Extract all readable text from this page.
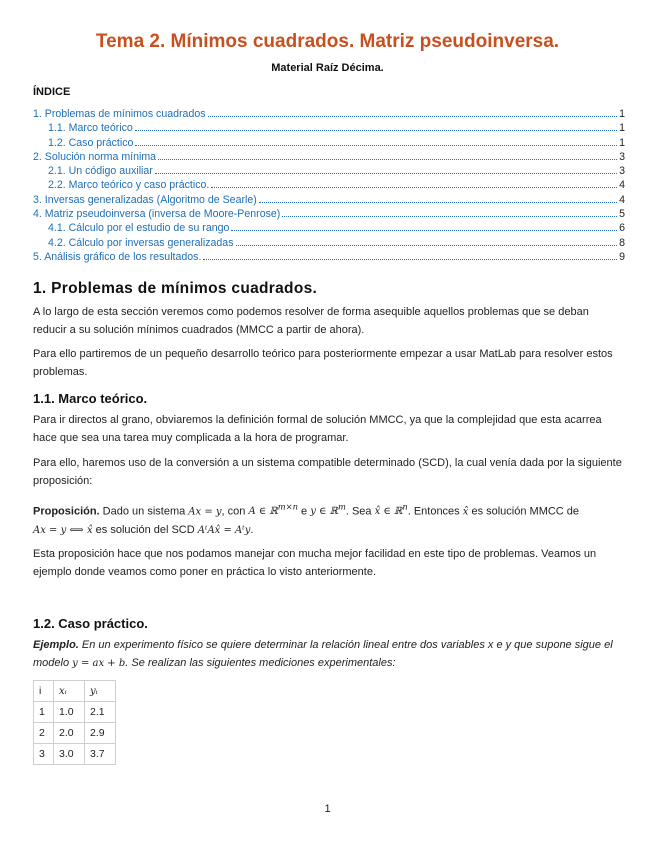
Tema 2. Mínimos cuadrados. Matriz pseudoinversa.
Material Raíz Décima.
ÍNDICE
1. Problemas de mínimos cuadrados	1
1.1. Marco teórico	1
1.2. Caso práctico	1
2. Solución norma mínima	3
2.1. Un código auxiliar	3
2.2. Marco teórico y caso práctico.	4
3. Inversas generalizadas (Algoritmo de Searle)	4
4. Matriz pseudoinversa (inversa de Moore-Penrose)	5
4.1. Cálculo por el estudio de su rango	6
4.2. Cálculo por inversas generalizadas	8
5. Análisis gráfico de los resultados.	9
1. Problemas de mínimos cuadrados.
A lo largo de esta sección veremos como podemos resolver de forma asequible aquellos problemas que se deban reducir a su solución mínimos cuadrados (MMCC a partir de ahora).
Para ello partiremos de un pequeño desarrollo teórico para posteriormente empezar a usar MatLab para resolver estos problemas.
1.1. Marco teórico.
Para ir directos al grano, obviaremos la definición formal de solución MMCC, ya que la complejidad que esta acarrea hace que sea una tarea muy complicada a la hora de programar.
Para ello, haremos uso de la conversión a un sistema compatible determinado (SCD), la cual venía dada por la siguiente proposición:
Proposición. Dado un sistema Ax = y, con A ∈ ℝ$^{m\times n}$ e y ∈ ℝ$^m$. Sea x̂ ∈ ℝ$^n$. Entonces x̂ es solución MMCC de
Ax = y ⟺ x̂ es solución del SCD AᵗAx̂ = Aᵗy.
Esta proposición hace que nos podamos manejar con mucha mejor facilidad en este tipo de problemas. Veamos un ejemplo donde veamos como poner en práctica lo visto anteriormente.
1.2. Caso práctico.
Ejemplo. En un experimento físico se quiere determinar la relación lineal entre dos variables x e y que supone sigue el modelo y = ax + b. Se realizan las siguientes mediciones experimentales:
i	xᵢ	yᵢ
1	1.0	2.1
2	2.0	2.9
3	3.0	3.7
1
